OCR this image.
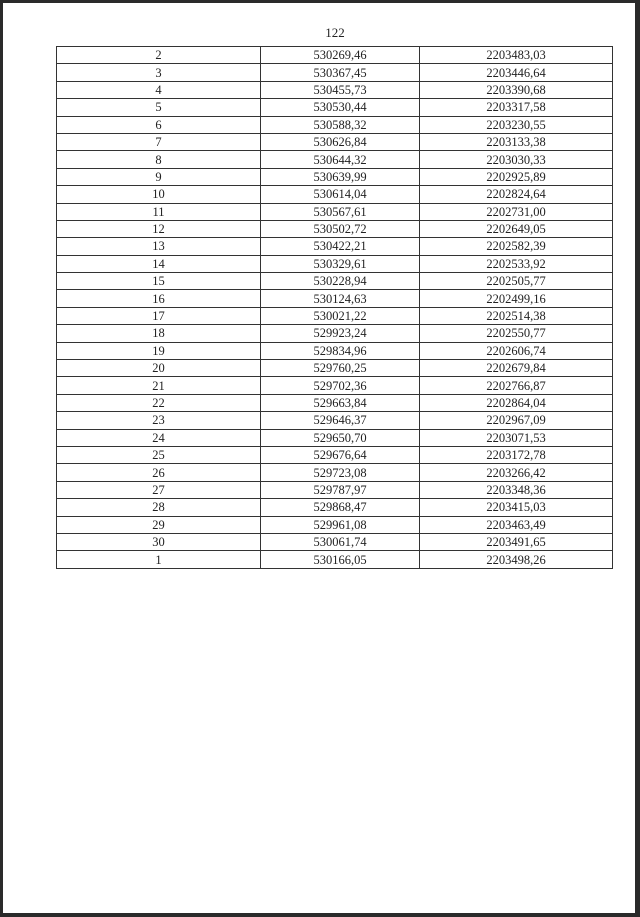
122
2	530269,46	2203483,03
3	530367,45	2203446,64
4	530455,73	2203390,68
5	530530,44	2203317,58
6	530588,32	2203230,55
7	530626,84	2203133,38
8	530644,32	2203030,33
9	530639,99	2202925,89
10	530614,04	2202824,64
11	530567,61	2202731,00
12	530502,72	2202649,05
13	530422,21	2202582,39
14	530329,61	2202533,92
15	530228,94	2202505,77
16	530124,63	2202499,16
17	530021,22	2202514,38
18	529923,24	2202550,77
19	529834,96	2202606,74
20	529760,25	2202679,84
21	529702,36	2202766,87
22	529663,84	2202864,04
23	529646,37	2202967,09
24	529650,70	2203071,53
25	529676,64	2203172,78
26	529723,08	2203266,42
27	529787,97	2203348,36
28	529868,47	2203415,03
29	529961,08	2203463,49
30	530061,74	2203491,65
1	530166,05	2203498,26
